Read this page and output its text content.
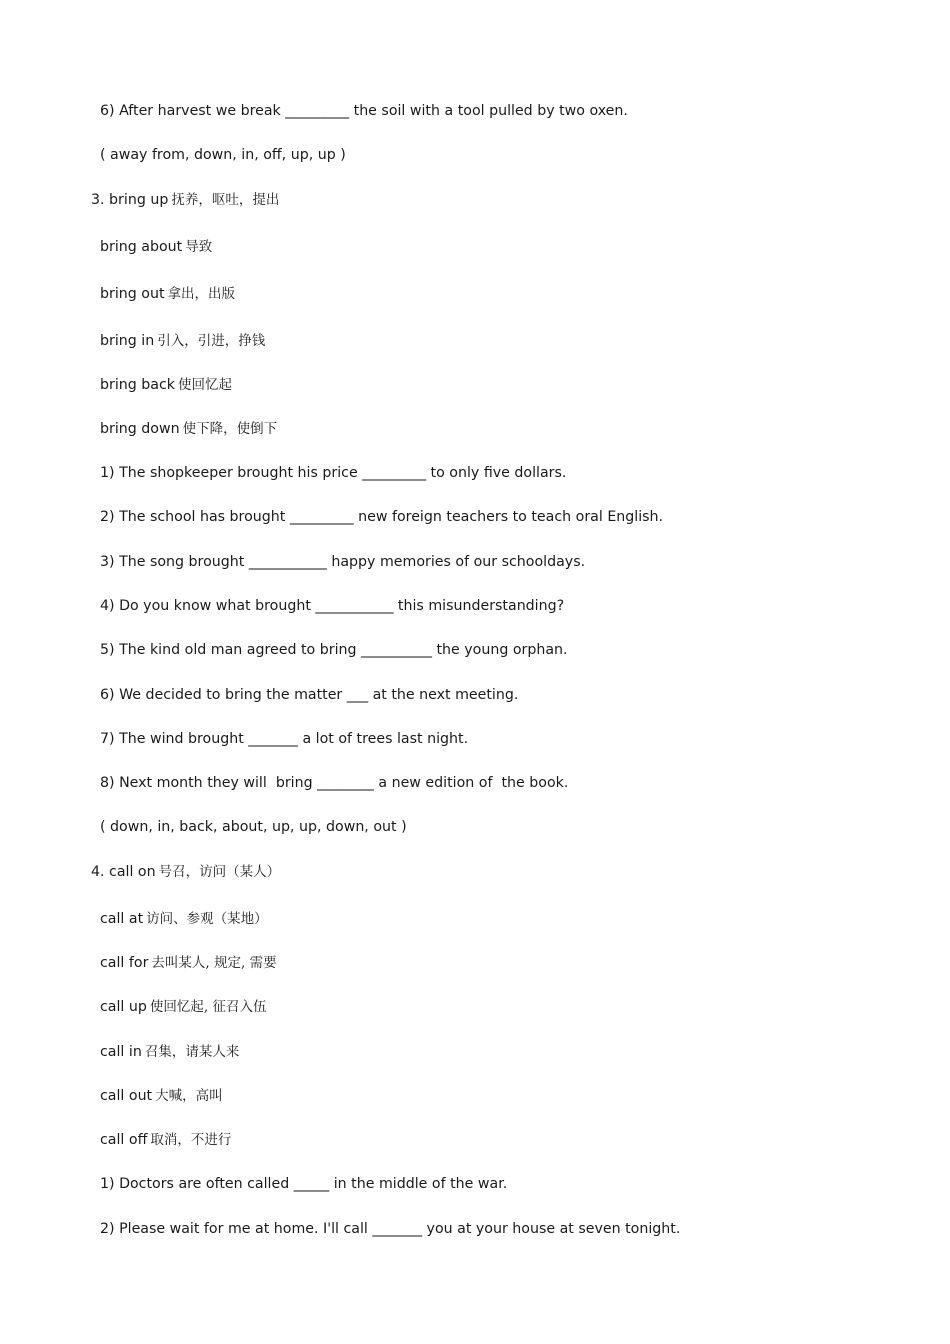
6) After harvest we break _________ the soil with a tool pulled by two oxen.
( away from, down, in, off, up, up )
3. bring up 抚养，呕吐，提出
bring about 导致
bring out 拿出，出版
bring in 引入，引进，挣钱
bring back 使回忆起
bring down 使下降，使倒下
1) The shopkeeper brought his price _________ to only five dollars.
2) The school has brought _________ new foreign teachers to teach oral English.
3) The song brought ___________ happy memories of our schooldays.
4) Do you know what brought ___________ this misunderstanding?
5) The kind old man agreed to bring __________ the young orphan.
6) We decided to bring the matter ___ at the next meeting.
7) The wind brought _______ a lot of trees last night.
8) Next month they will  bring ________ a new edition of  the book.
( down, in, back, about, up, up, down, out )
4. call on 号召，访问（某人）
call at 访问、参观（某地）
call for 去叫某人, 规定, 需要
call up 使回忆起, 征召入伍
call in 召集，请某人来
call out 大喊，高叫
call off 取消，不进行
1) Doctors are often called _____ in the middle of the war.
2) Please wait for me at home. I'll call _______ you at your house at seven tonight.
